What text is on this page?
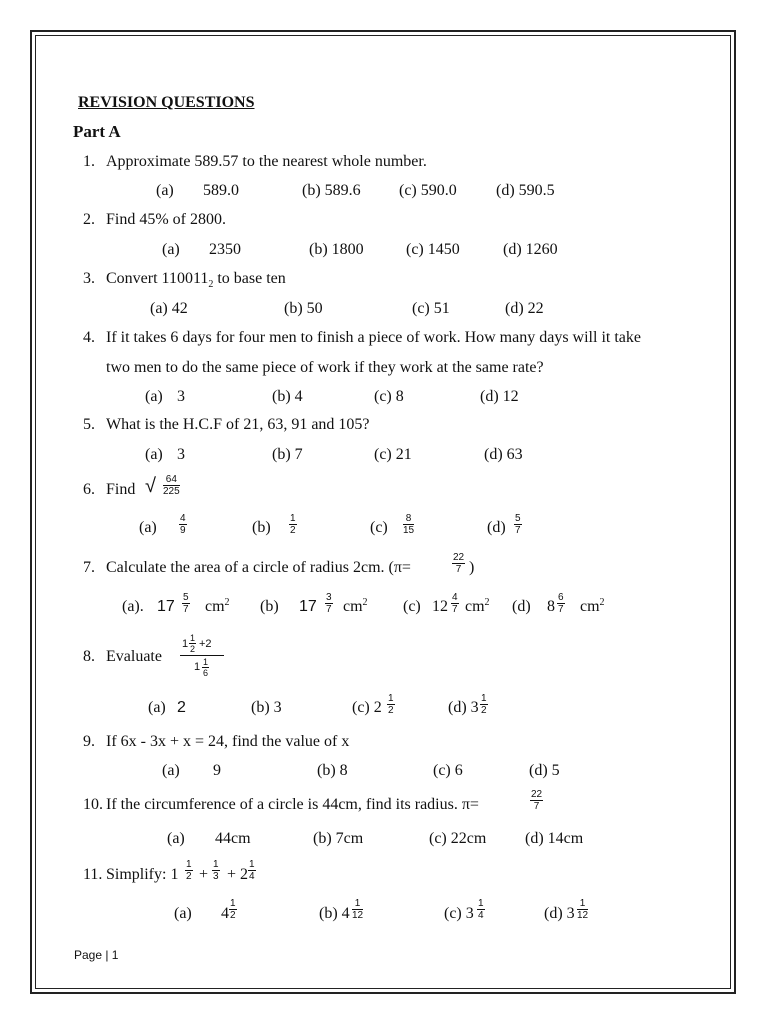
REVISION QUESTIONS
Part A
1. Approximate 589.57 to the nearest whole number.
(a) 589.0	(b) 589.6 (c) 590.0 (d) 590.5
2. Find 45% of 2800.
(a) 2350	(b) 1800	(c) 1450	(d) 1260
3. Convert $110011_2$ to base ten
(a) 42	(b) 50	(c) 51	(d) 22
4. If it takes 6 days for four men to finish a piece of work. How many days will it take
two men to do the same piece of work if they work at the same rate?
(a) 3	(b) 4	(c) 8	(d) 12
5. What is the H.C.F of 21, 63, 91 and 105?
(a) 3	(b) 7	(c) 21	(d) 63
6. Find √ 64
225
(a)
4
9	(b)
1
2	(c)
8
15	(d)
5
7
7. Calculate the area of a circle of radius 2cm. (π=
22
7 )
(a). 17
5
7 $cm^2$ (b) 17
3
7 $cm^2$ (c) 12
4
7 $cm^2$ (d) 8
6
7 $cm^2$
8. Evaluate
1 1
2 +2
1 1
6
(a) 2	(b) 3	(c) 2
1
2	(d) 3
1
2
9. If 6x - 3x + x = 24, find the value of x
(a) 9	(b) 8	(c) 6	(d) 5
10. If the circumference of a circle is 44cm, find its radius. π=
22
7
(a) 44cm	(b) 7cm	(c) 22cm (d) 14cm
11. Simplify: 1
1
2 +
1
3 + 2
1
4
(a) 4
1
2	(b) 4
1
12	(c) 3
1
4	(d) 3
1
12
Page | 1
